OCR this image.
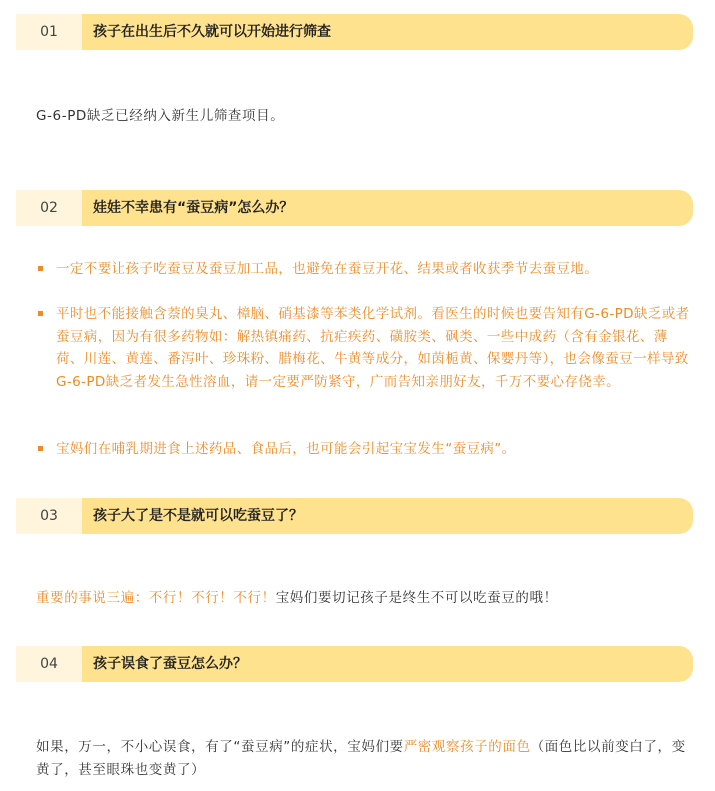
01	孩子在出生后不久就可以开始进行筛查
G-6-PD缺乏已经纳入新生儿筛查项目。
02	娃娃不幸患有“蚕豆病”怎么办？
一定不要让孩子吃蚕豆及蚕豆加工品，也避免在蚕豆开花、结果或者收获季节去蚕豆地。
平时也不能接触含萘的臭丸、樟脑、硝基漆等苯类化学试剂。看医生的时候也要告知有G-6-PD缺乏或者蚕豆病，因为有很多药物如：解热镇痛药、抗疟疾药、磺胺类、砜类、一些中成药（含有金银花、薄荷、川莲、黄莲、番泻叶、珍珠粉、腊梅花、牛黄等成分，如茵栀黄、保婴丹等），也会像蚕豆一样导致G-6-PD缺乏者发生急性溶血，请一定要严防紧守，广而告知亲朋好友，千万不要心存侥幸。
宝妈们在哺乳期进食上述药品、食品后，也可能会引起宝宝发生“蚕豆病”。
03	孩子大了是不是就可以吃蚕豆了？
重要的事说三遍：不行！不行！不行！宝妈们要切记孩子是终生不可以吃蚕豆的哦！
04	孩子误食了蚕豆怎么办？
如果，万一，不小心误食，有了“蚕豆病”的症状，宝妈们要严密观察孩子的面色（面色比以前变白了，变黄了，甚至眼珠也变黄了）
